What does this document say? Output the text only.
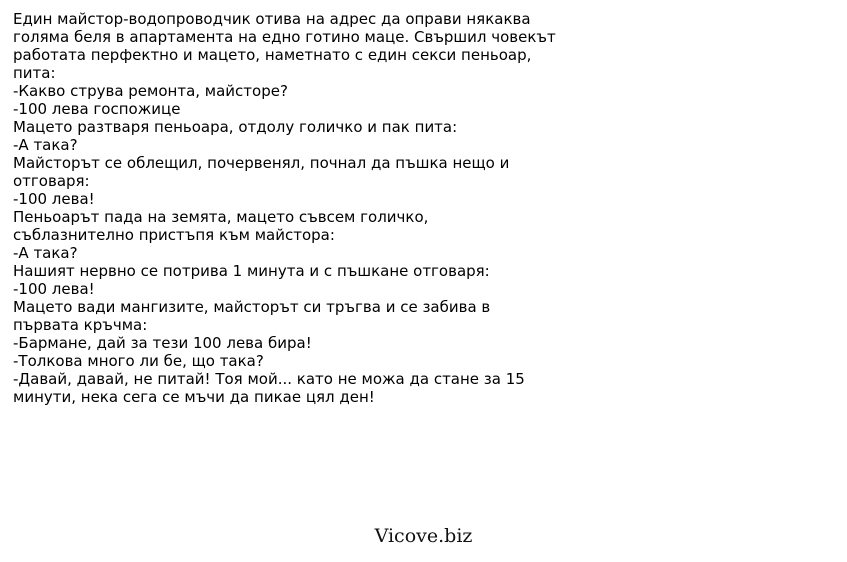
Един майстор-водопроводчик отива на адрес да оправи някаква
голяма беля в апартамента на едно готино маце. Свършил човекът
работата перфектно и мацето, наметнато с един секси пеньоар,
пита:
-Какво струва ремонта, майсторе?
-100 лева госпожице
Мацето разтваря пеньоара, отдолу голичко и пак пита:
-А така?
Майсторът се облещил, почервенял, почнал да пъшка нещо и
отговаря:
-100 лева!
Пеньоарът пада на земята, мацето съвсем голичко,
съблазнително пристъпя към майстора:
-А така?
Нашият нервно се потрива 1 минута и с пъшкане отговаря:
-100 лева!
Мацето вади мангизите, майсторът си тръгва и се забива в
първата кръчма:
-Бармане, дай за тези 100 лева бира!
-Толкова много ли бе, що така?
-Давай, давай, не питай! Тоя мой... като не можа да стане за 15
минути, нека сега се мъчи да пикае цял ден!
Vicove.biz
